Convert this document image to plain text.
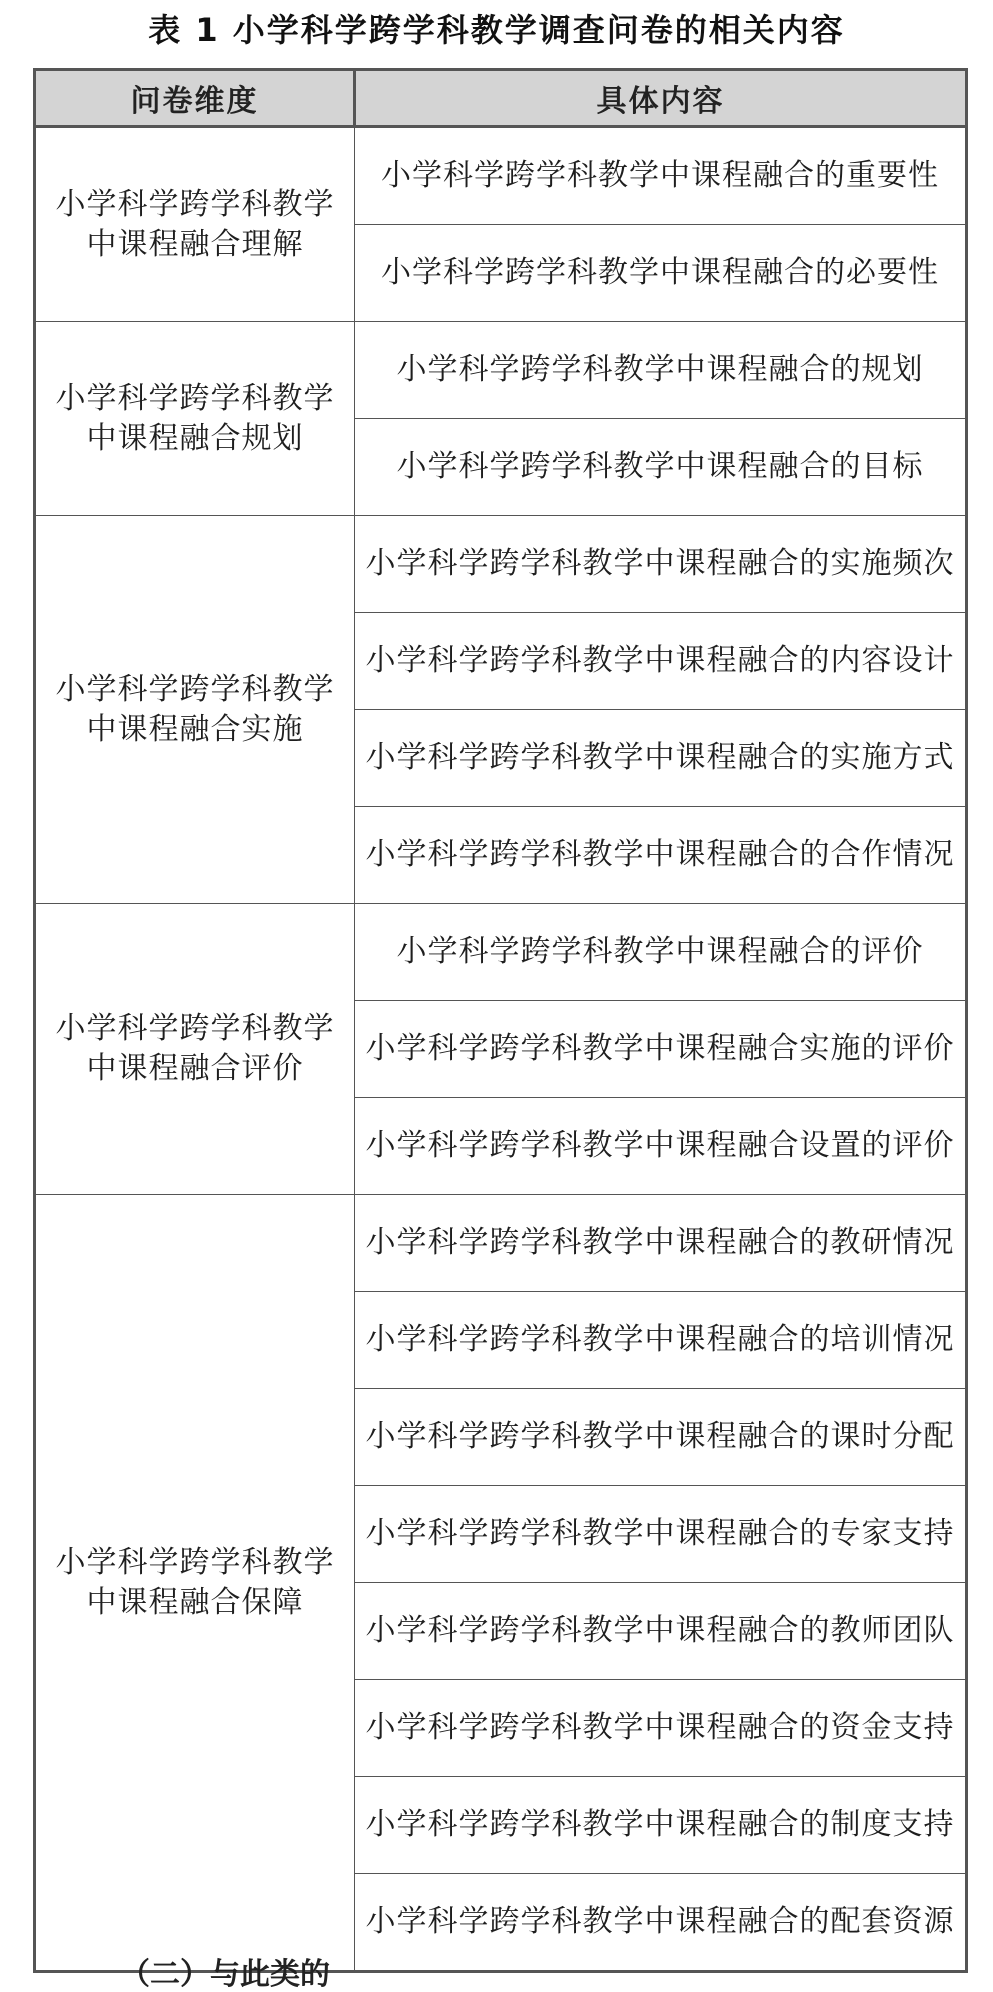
表 1 小学科学跨学科教学调查问卷的相关内容
问卷维度	具体内容
小学科学跨学科教学中课程融合理解	小学科学跨学科教学中课程融合的重要性
	小学科学跨学科教学中课程融合的必要性
小学科学跨学科教学中课程融合规划	小学科学跨学科教学中课程融合的规划
	小学科学跨学科教学中课程融合的目标
小学科学跨学科教学中课程融合实施	小学科学跨学科教学中课程融合的实施频次
	小学科学跨学科教学中课程融合的内容设计
	小学科学跨学科教学中课程融合的实施方式
	小学科学跨学科教学中课程融合的合作情况
小学科学跨学科教学中课程融合评价	小学科学跨学科教学中课程融合的评价
	小学科学跨学科教学中课程融合实施的评价
	小学科学跨学科教学中课程融合设置的评价
小学科学跨学科教学中课程融合保障	小学科学跨学科教学中课程融合的教研情况
	小学科学跨学科教学中课程融合的培训情况
	小学科学跨学科教学中课程融合的课时分配
	小学科学跨学科教学中课程融合的专家支持
	小学科学跨学科教学中课程融合的教师团队
	小学科学跨学科教学中课程融合的资金支持
	小学科学跨学科教学中课程融合的制度支持
	小学科学跨学科教学中课程融合的配套资源
（二）与此类的
